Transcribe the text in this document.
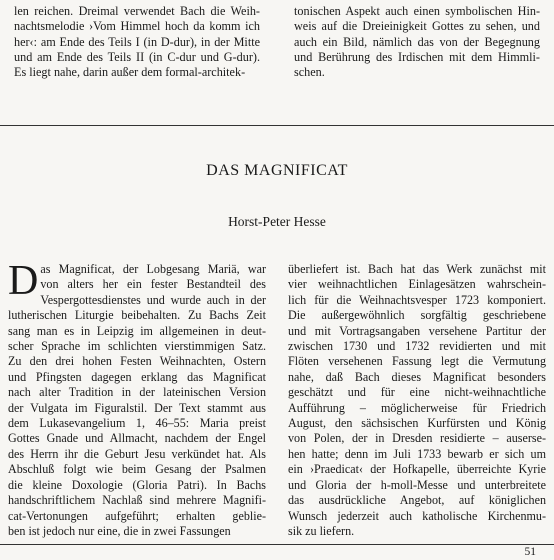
len reichen. Dreimal verwendet Bach die Weih-
nachtsmelodie ›Vom Himmel hoch da komm ich
her‹: am Ende des Teils I (in D-dur), in der Mitte
und am Ende des Teils II (in C-dur und G-dur).
Es liegt nahe, darin außer dem formal-architek-
tonischen Aspekt auch einen symbolischen Hin-
weis auf die Dreieinigkeit Gottes zu sehen, und
auch ein Bild, nämlich das von der Begegnung
und Berührung des Irdischen mit dem Himmli-
schen.
DAS MAGNIFICAT
Horst-Peter Hesse
D as Magnificat, der Lobgesang Mariä, war
von alters her ein fester Bestandteil des
Vespergottesdienstes und wurde auch in der
lutherischen Liturgie beibehalten. Zu Bachs Zeit
sang man es in Leipzig im allgemeinen in deut-
scher Sprache im schlichten vierstimmigen Satz.
Zu den drei hohen Festen Weihnachten, Ostern
und Pfingsten dagegen erklang das Magnificat
nach alter Tradition in der lateinischen Version
der Vulgata im Figuralstil. Der Text stammt aus
dem Lukasevangelium 1, 46–55: Maria preist
Gottes Gnade und Allmacht, nachdem der Engel
des Herrn ihr die Geburt Jesu verkündet hat. Als
Abschluß folgt wie beim Gesang der Psalmen
die kleine Doxologie (Gloria Patri). In Bachs
handschriftlichem Nachlaß sind mehrere Magnifi-
cat-Vertonungen aufgeführt; erhalten geblie-
ben ist jedoch nur eine, die in zwei Fassungen
überliefert ist. Bach hat das Werk zunächst mit
vier weihnachtlichen Einlagesätzen wahrschein-
lich für die Weihnachtsvesper 1723 komponiert.
Die außergewöhnlich sorgfältig geschriebene
und mit Vortragsangaben versehene Partitur der
zwischen 1730 und 1732 revidierten und mit
Flöten versehenen Fassung legt die Vermutung
nahe, daß Bach dieses Magnificat besonders
geschätzt und für eine nicht-weihnachtliche
Aufführung – möglicherweise für Friedrich
August, den sächsischen Kurfürsten und König
von Polen, der in Dresden residierte – auserse-
hen hatte; denn im Juli 1733 bewarb er sich um
ein ›Praedicat‹ der Hofkapelle, überreichte Kyrie
und Gloria der h-moll-Messe und unterbreitete
das ausdrückliche Angebot, auf königlichen
Wunsch jederzeit auch katholische Kirchenmu-
sik zu liefern.
51
